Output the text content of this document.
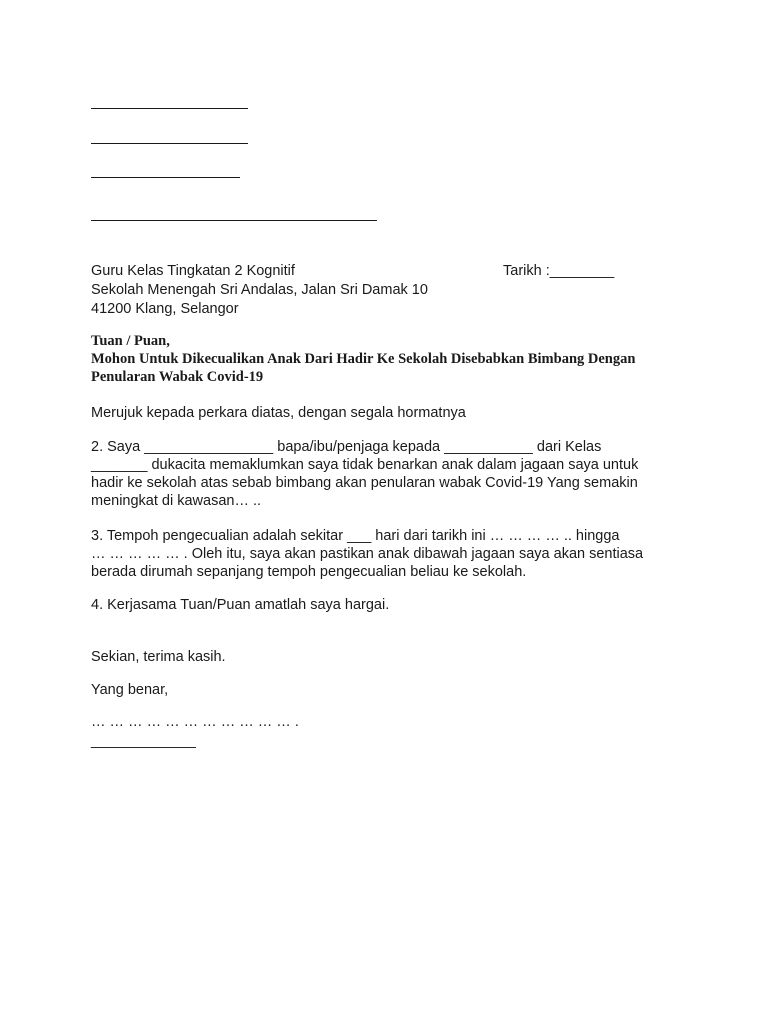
Guru Kelas Tingkatan 2 Kognitif	Tarikh :________
Sekolah Menengah Sri Andalas, Jalan Sri Damak 10
41200 Klang, Selangor
Tuan / Puan,
Mohon Untuk Dikecualikan Anak Dari Hadir Ke Sekolah Disebabkan Bimbang Dengan
Penularan Wabak Covid-19
Merujuk kepada perkara diatas, dengan segala hormatnya
2. Saya ________________ bapa/ibu/penjaga kepada ___________ dari Kelas
_______ dukacita memaklumkan saya tidak benarkan anak dalam jagaan saya untuk
hadir ke sekolah atas sebab bimbang akan penularan wabak Covid-19 Yang semakin
meningkat di kawasan… ..
3. Tempoh pengecualian adalah sekitar ___ hari dari tarikh ini … … … … .. hingga
… … … … … . Oleh itu, saya akan pastikan anak dibawah jagaan saya akan sentiasa
berada dirumah sepanjang tempoh pengecualian beliau ke sekolah.
4. Kerjasama Tuan/Puan amatlah saya hargai.
Sekian, terima kasih.
Yang benar,
… … … … … … … … … … … .
_____________
